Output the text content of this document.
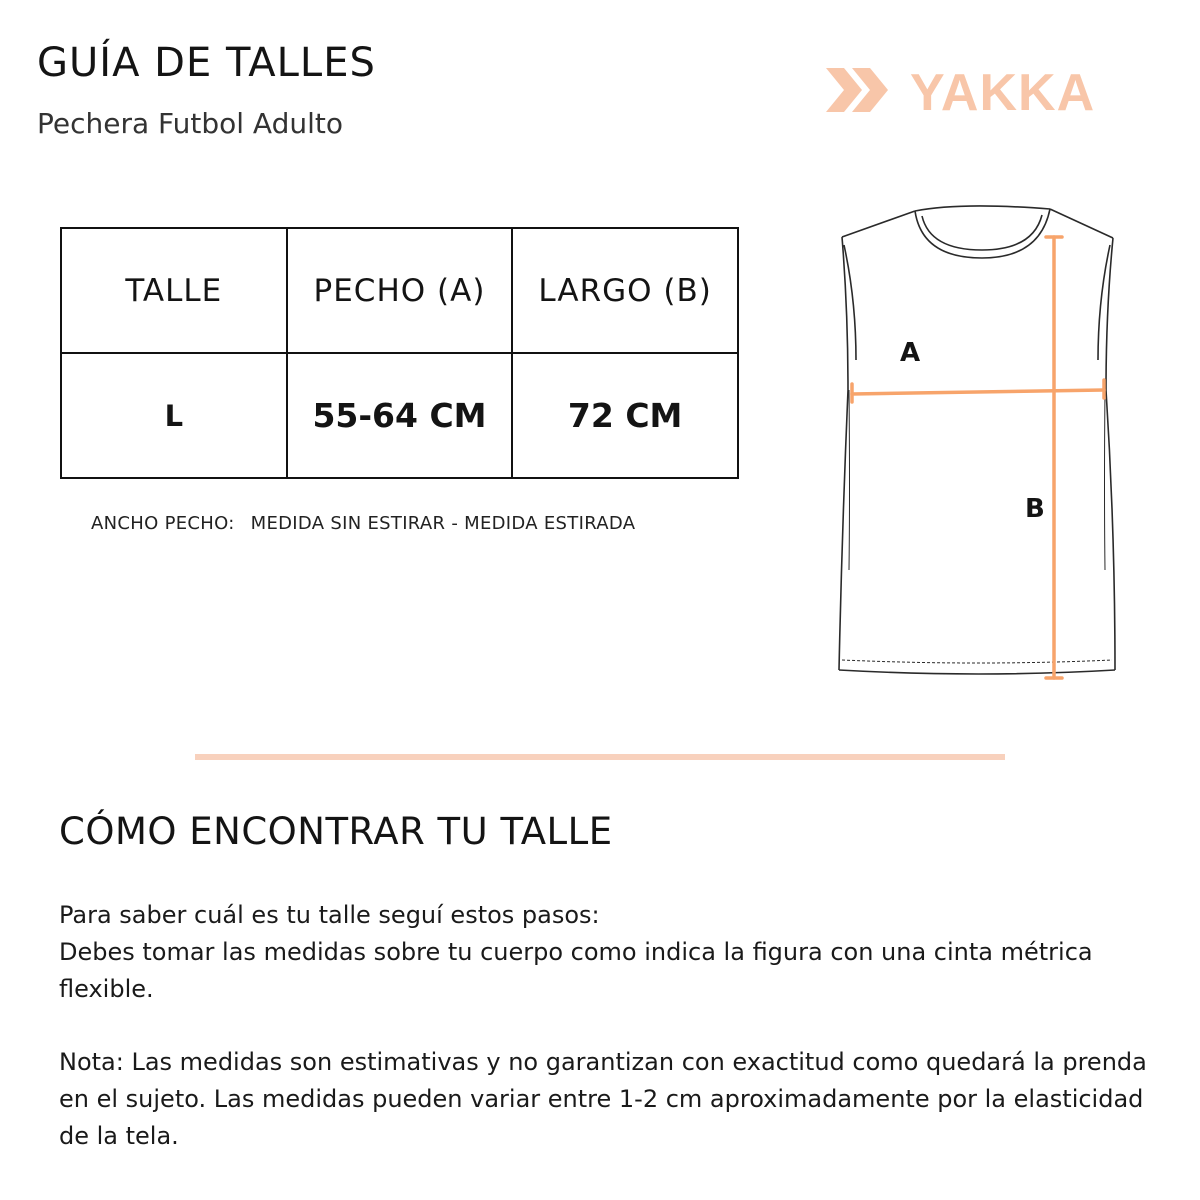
GUÍA DE TALLES
Pechera Futbol Adulto
YAKKA
TALLE	PECHO (A)	LARGO (B)
L	55-64 CM	72 CM
ANCHO PECHO: MEDIDA SIN ESTIRAR - MEDIDA ESTIRADA
A
B
CÓMO ENCONTRAR TU TALLE

Para saber cuál es tu talle seguí estos pasos:
Debes tomar las medidas sobre tu cuerpo como indica la figura con una cinta métrica flexible.

Nota: Las medidas son estimativas y no garantizan con exactitud como quedará la prenda en el sujeto. Las medidas pueden variar entre 1-2 cm aproximadamente por la elasticidad de la tela.
